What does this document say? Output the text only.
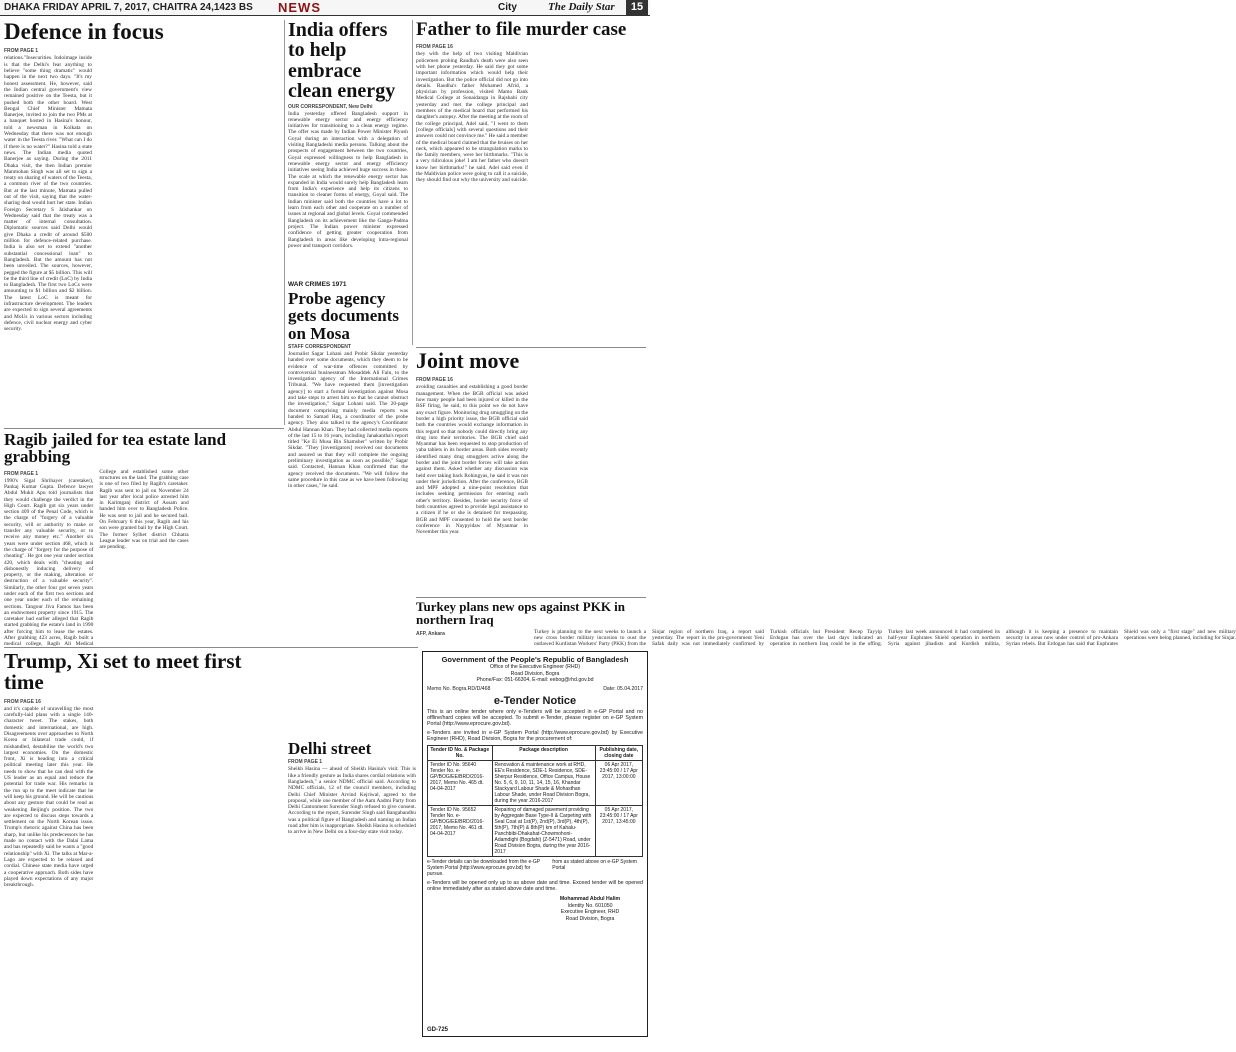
DHAKA FRIDAY APRIL 7, 2017, CHAITRA 24,1423 BS NEWS	City	The Daily Star	15
Defence in focus
FROM PAGE 1
relations."Insecurities. Indoimage inside is that the Delhi's fear anything to believe "some thing dramatic" would happen in the next two days. "It's my honest assessment. He, however, said the Indian central government's view remained positive on the Teesta, but it pushed both the other board. West Bengal Chief Minister Mamata Banerjee, invited to join the two PMs at a banquet hosted in Hasina's honour, told a newsman in Kolkata on Wednesday that there was not enough water in the Teesta river. "What can I do if there is no water?" Hasina told a state news. The Indian media quoted Banerjee as saying. During the 2011 Dhaka visit, the then Indian premier Manmohan Singh was all set to sign a treaty on sharing of waters of the Teesta, a common river of the two countries. But at the last minute, Mamata pulled out of the visit, saying that the water-sharing deal would hurt her state. Indian Foreign Secretary S Jaishankar on Wednesday said that the treaty was a matter of internal consultation. Diplomatic sources said Delhi would give Dhaka a credit of around $500 million for defence-related purchase. India is also set to extend "another substantial concessional loan" to Bangladesh. But the amount has not been unveiled. The sources, however, pegged the figure at $5 billion. This will be the third line of credit (LoC) by India to Bangladesh. The first two LoCs were amounting to $1 billion and $2 billion. The latest LoC is meant for infrastructure development. The leaders are expected to sign several agreements and MoUs in various sectors including defence, civil nuclear energy and cyber security.
India offers to help embrace clean energy
OUR CORRESPONDENT, New Delhi
India yesterday offered Bangladesh support in renewable energy sector and energy efficiency initiatives for transitioning to a clean energy regime. The offer was made by Indian Power Minister Piyush Goyal during an interaction with a delegation of visiting Bangladeshi media persons. Talking about the prospects of engagement between the two countries, Goyal expressed willingness to help Bangladesh in renewable energy sector and energy efficiency initiatives seeing India achieved huge success in those. The scale at which the renewable energy sector has expanded in India would surely help Bangladesh learn from India's experience and help its citizens to transition to cleaner forms of energy, Goyal said. The Indian minister said both the countries have a lot to learn from each other and cooperate on a number of issues at regional and global levels. Goyal commended Bangladesh on its achievement like the Ganga-Padma project. The Indian power minister expressed confidence of getting greater cooperation from Bangladesh in areas like developing intra-regional power and transport corridors.
WAR CRIMES 1971
Probe agency gets documents on Mosa
STAFF CORRESPONDENT
Journalist Sagar Lohani and Probir Sikdar yesterday handed over some documents, which they deem to be evidence of war-time offences committed by controversial businessman Mosaddek Ali Falu, to the investigation agency of the International Crimes Tribunal. "We have requested them [investigation agency] to start a formal investigation against Mosa and take steps to arrest him so that he cannot obstruct the investigation," Sagar Lohani said. The 20-page document comprising mainly media reports was handed to Samad Haq, a coordinator of the probe agency. They also talked to the agency's Coordinator Abdul Hannan Khan. They had collected media reports of the last 15 to 16 years, including Janakantha's report titled "Ke Ei Musa Bin Shamsher" written by Probir Sikdar. "They [investigators] received our documents and assured us that they will complete the ongoing preliminary investigation as soon as possible," Sagar said. Contacted, Hannan Khan confirmed that the agency received the documents. "We will follow the same procedure in this case as we have been following in other cases," he said.
Father to file murder case
FROM PAGE 16
they with the help of two visiting Maldivian policemen probing Raudha's death were also seen with her phone yesterday. He said they got some important information which would help their investigation. But the police official did not go into details. Raudha's father Mohamed Afrid, a physician by profession, visited Mamo Bank Medical College at Sonaidanga in Rajshahi city yesterday and met the college principal and members of the medical board that performed his daughter's autopsy. After the meeting at the room of the college principal, Adel said, "I went to them [college officials] with several questions and their answers could not convince me." He said a member of the medical board claimed that the bruises on her neck, which appeared to be strangulation marks to the family members, were her birthmarks. "This is a very ridiculous joke! I am her father who doesn't know her birthmarks!" he said. Adel said even if the Maldivian police were going to call it a suicide, they should find out why the university and suicide.
Joint move
FROM PAGE 16
avoiding casualties and establishing a good border management. When the BGB official was asked how many people had been injured or killed in the BSF firing, he said, to this point we do not have any exact figure. Monitoring drug smuggling on the border a high priority issue, the BGB official said both the countries would exchange information in this regard so that nobody could directly bring any drug into their territories. The BGB chief said Myanmar has been requested to stop production of yaba tablets in its border areas. Both sides recently identified many drug smugglers active along the border and the joint border forces will take action against them. Asked whether any discussion was held over taking back Rohingyas, he said it was not under their jurisdiction. After the conference, BGB and MPF adopted a nine-point resolution that includes seeking permission for entering each other's territory. Besides, border security force of both countries agreed to provide legal assistance to a citizen if he or she is detained for trespassing. BGB and MPF consented to hold the next border conference in Naypyidaw of Myanmar in November this year.
Turkey plans new ops against PKK in northern Iraq
AFP, Ankara	Turkey is planning to the next weeks to launch a new cross border military incursion to oust the outlawed Kurdistan Workers' Party (PKK) from the Sinjar region of northern Iraq, a report said yesterday. The report in the pro-government Yeni Safak daily was not immediately confirmed by Turkish officials but President Recep Tayyip Erdogan has over the last days indicated an operation in northern Iraq could be in the offing. Turkey last week announced it had completed its half-year Euphrates Shield operation in northern Syria against jihadists and Kurdish militia, although it is keeping a presence to maintain security in areas now under control of pro-Ankara Syrian rebels. But Erdogan has said that Euphrates Shield was only a "first stage" and new military operations were being planned, including for Sinjar.
Ragib jailed for tea estate land grabbing
FROM PAGE 1
1990's Sigal Shrihayer (caretaker), Pankaj Kumar Gupta. Defence lawyer Abdul Mukit Apu told journalists that they would challenge the verdict in the High Court. Ragib got six years under section 409 of the Penal Code, which is the charge of "forgery of a valuable security, will or authority to make or transfer any valuable security, or to receive any money etc." Another six years were under section 468, which is the charge of "forgery for the purpose of cheating". He got one year under section 420, which deals with "cheating and dishonestly inducing delivery of property, or the making, alteration or destruction of a valuable security". Similarly, the other four got seven years under each of the first two sections and one year under each of the remaining sections. Tangour Jiva Famos has been an endowment property since 1915. The caretaker had earlier alleged that Ragib started grabbing the estate's land in 1990 after forcing him to lease the estates. After grabbing 423 acres, Ragib built a medical college, Ragib Ali Medical College and established some other structures on the land. The grabbing case is one of two filed by Ragib's caretaker. Ragib was sent to jail on November 24 last year after local police arrested him in Karimganj district of Assam and handed him over to Bangladesh Police. He was sent to jail and he secured bail. On February 6 this year, Ragib and his son were granted bail by the High Court. The former Sylhet district Chhatra League leader was on trial and the cases are pending.
Trump, Xi set to meet first time
FROM PAGE 16
and it's capable of unravelling the most carefully-laid plans with a single 140-character tweet. The stakes, both domestic and international, are high. Disagreements over approaches to North Korea or bilateral trade could, if mishandled, destabilise the world's two largest economies. On the domestic front, Xi is heading into a critical political meeting later this year. He needs to show that he can deal with the US leader as an equal and reduce the potential for trade war. His remarks in the run up to the meet indicate that he will keep his ground. He will be cautious about any gesture that could be read as weakening Beijing's position. The two are expected to discuss steps towards a settlement on the North Korean issue. Trump's rhetoric against China has been sharp, but unlike his predecessors he has made no contact with the Dalai Lama and has repeatedly said he wants a "good relationship" with Xi. The talks at Mar-a-Lago are expected to be relaxed and cordial. Chinese state media have urged a cooperative approach. Both sides have played down expectations of any major breakthrough.
Delhi street
FROM PAGE 1
Sheikh Hasina — ahead of Sheikh Hasina's visit. This is like a friendly gesture as India shares cordial relations with Bangladesh," a senior NDMC official said. According to NDMC officials, 12 of the council members, including Delhi Chief Minister Arvind Kejriwal, agreed to the proposal, while one member of the Aam Aadmi Party from Delhi Cantonment Surender Singh refused to give consent. According to the report, Surender Singh said Bangabandhu was a political figure of Bangladesh and naming an Indian road after him is inappropriate. Sheikh Hasina is scheduled to arrive in New Delhi on a four-day state visit today.
Government of the People's Republic of Bangladesh
Office of the Executive Engineer (RHD)
Road Division, Bogra
Phone/Fax: 051-66304, E-mail: eebog@rhd.gov.bd
Memo No. Bogra.RD/D/468	Date: 05.04.2017
e-Tender Notice
This is an online tender where only e-Tenders will be accepted in e-GP Portal and no offline/hard copies will be accepted. To submit e-Tender, please register on e-GP System Portal (http://www.eprocure.gov.bd).
e-Tenders are invited in e-GP System Portal (http://www.eprocure.gov.bd) by Executive Engineer (RHD), Road Division, Bogra for the procurement of:
Tender ID No. & Package No.	Package description	Publishing date, closing date
Tender ID No. 95640 Tender No. e-GP/BOG/EE/BRD/2016-2017, Memo No. 465 dt. 04-04-2017	Renovation & maintenance work at RHD, EE's Residence, SDE-1 Residence, SDE-Sherpur Residence, Office Campus, House No. 5, 6, 9, 10, 11, 14, 15, 16, Khandar Stackyard Labour Shade & Mohasthan Labour Shade, under Road Division Bogra, during the year 2016-2017	06 Apr 2017, 23:45:00 / 17 Apr 2017, 13:00:00
Tender ID No. 95652 Tender No. e-GP/BOG/EE/BRD/2016-2017, Memo No. 461 dt. 04-04-2017	Repairing of damaged pavement providing by Aggregate Base Type-II & Carpeting with Seal Coat at 1st(P), 2nd(P), 3rd(P), 4th(P), 5th(P), 7th(P) & 8th(P) km of Kahalu-Panchbibi-Dhakahat-Chowmohoni-Adamdighi (Bogdahi) (Z-5471) Road, under Road Division Bogra, during the year 2016-2017	05 Apr 2017, 23:45:00 / 17 Apr 2017, 13:45:00
e-Tender details can be downloaded from the e-GP System Portal (http://www.eprocure.gov.bd) for pursue.
from as stated above on e-GP System Portal
e-Tenders will be opened only up to as above date and time. Exceed tender will be opened online immediately after as stated above date and time.
Mohammad Abdul Halim
Identity No. 601050
Executive Engineer, RHD
Road Division, Bogra
GD-725
